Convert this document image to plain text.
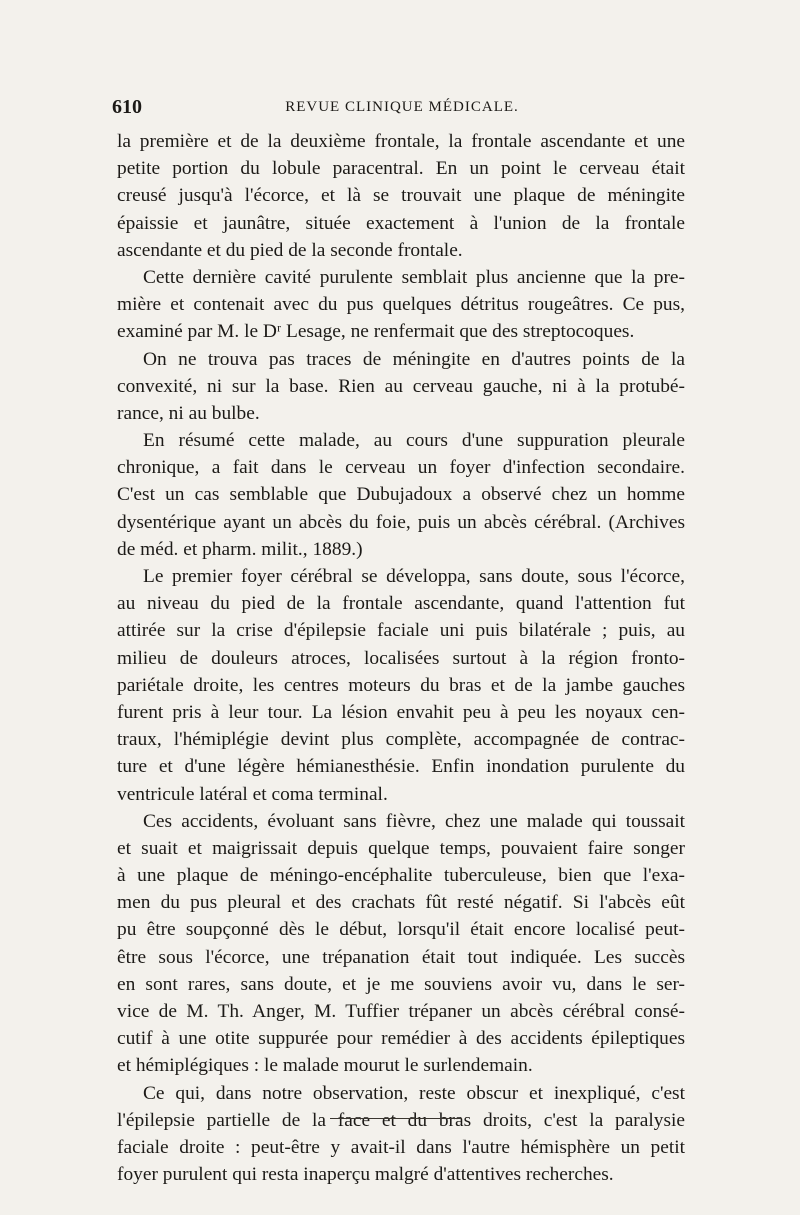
610	REVUE CLINIQUE MÉDICALE.
la première et de la deuxième frontale, la frontale ascendante et une
petite portion du lobule paracentral. En un point le cerveau était
creusé jusqu'à l'écorce, et là se trouvait une plaque de méningite
épaissie et jaunâtre, située exactement à l'union de la frontale
ascendante et du pied de la seconde frontale.
Cette dernière cavité purulente semblait plus ancienne que la pre-
mière et contenait avec du pus quelques détritus rougeâtres. Ce pus,
examiné par M. le Dʳ Lesage, ne renfermait que des streptocoques.
On ne trouva pas traces de méningite en d'autres points de la
convexité, ni sur la base. Rien au cerveau gauche, ni à la protubé-
rance, ni au bulbe.
En résumé cette malade, au cours d'une suppuration pleurale
chronique, a fait dans le cerveau un foyer d'infection secondaire.
C'est un cas semblable que Dubujadoux a observé chez un homme
dysentérique ayant un abcès du foie, puis un abcès cérébral. (Archives
de méd. et pharm. milit., 1889.)
Le premier foyer cérébral se développa, sans doute, sous l'écorce,
au niveau du pied de la frontale ascendante, quand l'attention fut
attirée sur la crise d'épilepsie faciale uni puis bilatérale ; puis, au
milieu de douleurs atroces, localisées surtout à la région fronto-
pariétale droite, les centres moteurs du bras et de la jambe gauches
furent pris à leur tour. La lésion envahit peu à peu les noyaux cen-
traux, l'hémiplégie devint plus complète, accompagnée de contrac-
ture et d'une légère hémianesthésie. Enfin inondation purulente du
ventricule latéral et coma terminal.
Ces accidents, évoluant sans fièvre, chez une malade qui toussait
et suait et maigrissait depuis quelque temps, pouvaient faire songer
à une plaque de méningo-encéphalite tuberculeuse, bien que l'exa-
men du pus pleural et des crachats fût resté négatif. Si l'abcès eût
pu être soupçonné dès le début, lorsqu'il était encore localisé peut-
être sous l'écorce, une trépanation était tout indiquée. Les succès
en sont rares, sans doute, et je me souviens avoir vu, dans le ser-
vice de M. Th. Anger, M. Tuffier trépaner un abcès cérébral consé-
cutif à une otite suppurée pour remédier à des accidents épileptiques
et hémiplégiques : le malade mourut le surlendemain.
Ce qui, dans notre observation, reste obscur et inexpliqué, c'est
l'épilepsie partielle de la face et du bras droits, c'est la paralysie
faciale droite : peut-être y avait-il dans l'autre hémisphère un petit
foyer purulent qui resta inaperçu malgré d'attentives recherches.
